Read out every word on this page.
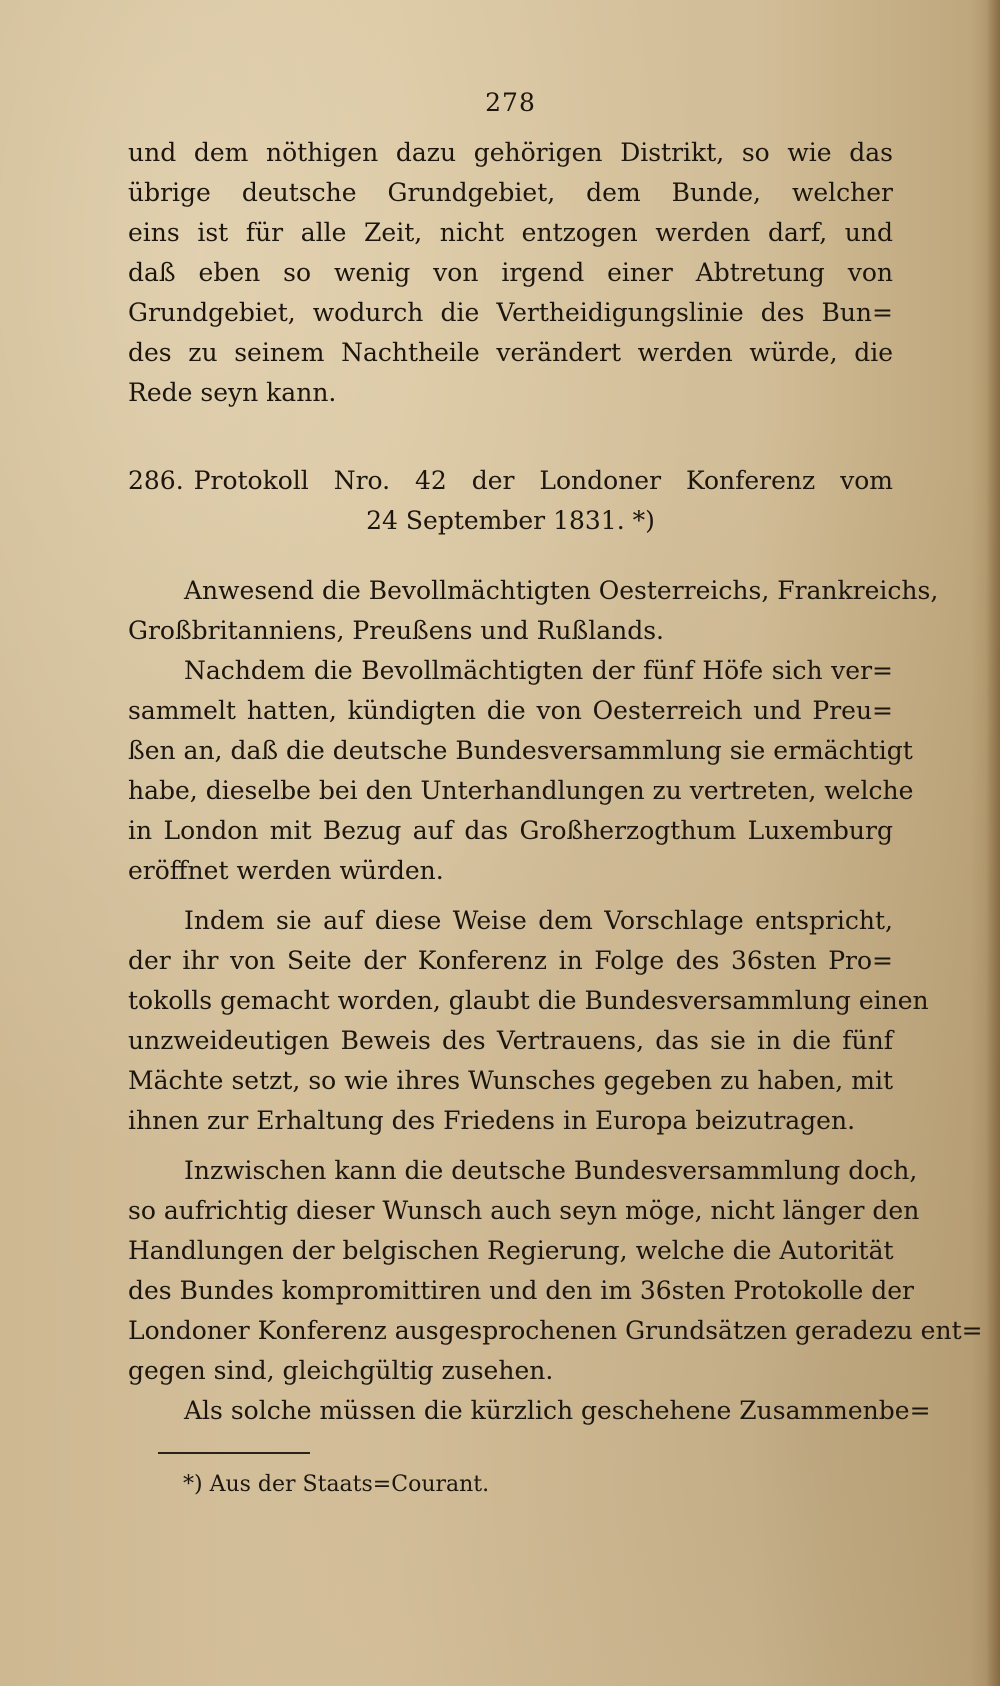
278
und dem nöthigen dazu gehörigen Distrikt, so wie das
übrige deutsche Grundgebiet, dem Bunde, welcher
eins ist für alle Zeit, nicht entzogen werden darf, und
daß eben so wenig von irgend einer Abtretung von
Grundgebiet, wodurch die Vertheidigungslinie des Bun=
des zu seinem Nachtheile verändert werden würde, die
Rede seyn kann.
286. Protokoll Nro. 42 der Londoner Konferenz vom
24 September 1831. *)
Anwesend die Bevollmächtigten Oesterreichs, Frankreichs,
Großbritanniens, Preußens und Rußlands.
Nachdem die Bevollmächtigten der fünf Höfe sich ver=
sammelt hatten, kündigten die von Oesterreich und Preu=
ßen an, daß die deutsche Bundesversammlung sie ermächtigt
habe, dieselbe bei den Unterhandlungen zu vertreten, welche
in London mit Bezug auf das Großherzogthum Luxemburg
eröffnet werden würden.
Indem sie auf diese Weise dem Vorschlage entspricht,
der ihr von Seite der Konferenz in Folge des 36sten Pro=
tokolls gemacht worden, glaubt die Bundesversammlung einen
unzweideutigen Beweis des Vertrauens, das sie in die fünf
Mächte setzt, so wie ihres Wunsches gegeben zu haben, mit
ihnen zur Erhaltung des Friedens in Europa beizutragen.
Inzwischen kann die deutsche Bundesversammlung doch,
so aufrichtig dieser Wunsch auch seyn möge, nicht länger den
Handlungen der belgischen Regierung, welche die Autorität
des Bundes kompromittiren und den im 36sten Protokolle der
Londoner Konferenz ausgesprochenen Grundsätzen geradezu ent=
gegen sind, gleichgültig zusehen.
Als solche müssen die kürzlich geschehene Zusammenbe=
*) Aus der Staats=Courant.
